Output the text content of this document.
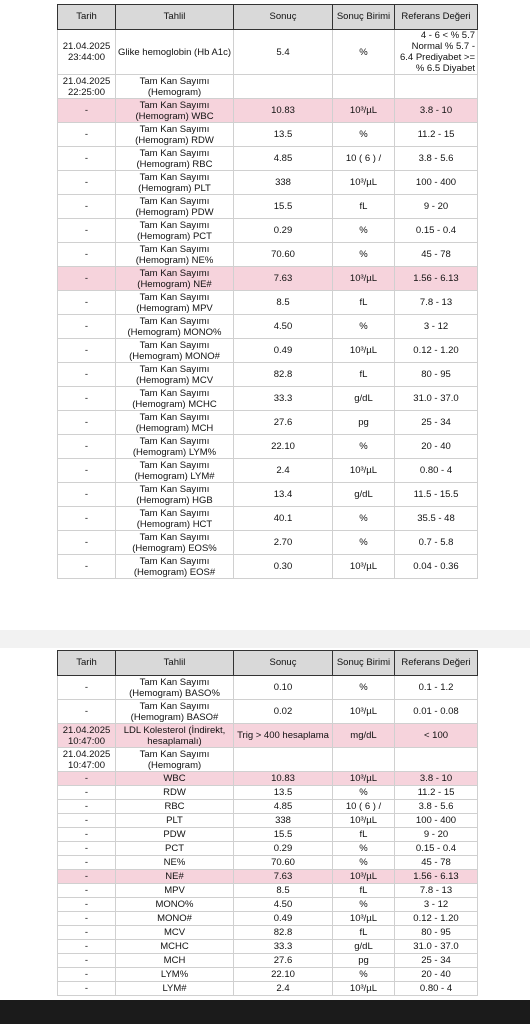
Tarih	Tahlil	Sonuç	Sonuç Birimi	Referans Değeri
21.04.2025 23:44:00	Glike hemoglobin (Hb A1c)	5.4	%	4 - 6 < % 5.7 Normal % 5.7 - 6.4 Prediyabet >= % 6.5 Diyabet
21.04.2025 22:25:00	Tam Kan Sayımı (Hemogram)			
-	Tam Kan Sayımı (Hemogram) WBC	10.83	10³/µL	3.8 - 10
-	Tam Kan Sayımı (Hemogram) RDW	13.5	%	11.2 - 15
-	Tam Kan Sayımı (Hemogram) RBC	4.85	10 ( 6 ) /	3.8 - 5.6
-	Tam Kan Sayımı (Hemogram) PLT	338	10³/µL	100 - 400
-	Tam Kan Sayımı (Hemogram) PDW	15.5	fL	9 - 20
-	Tam Kan Sayımı (Hemogram) PCT	0.29	%	0.15 - 0.4
-	Tam Kan Sayımı (Hemogram) NE%	70.60	%	45 - 78
-	Tam Kan Sayımı (Hemogram) NE#	7.63	10³/µL	1.56 - 6.13
-	Tam Kan Sayımı (Hemogram) MPV	8.5	fL	7.8 - 13
-	Tam Kan Sayımı (Hemogram) MONO%	4.50	%	3 - 12
-	Tam Kan Sayımı (Hemogram) MONO#	0.49	10³/µL	0.12 - 1.20
-	Tam Kan Sayımı (Hemogram) MCV	82.8	fL	80 - 95
-	Tam Kan Sayımı (Hemogram) MCHC	33.3	g/dL	31.0 - 37.0
-	Tam Kan Sayımı (Hemogram) MCH	27.6	pg	25 - 34
-	Tam Kan Sayımı (Hemogram) LYM%	22.10	%	20 - 40
-	Tam Kan Sayımı (Hemogram) LYM#	2.4	10³/µL	0.80 - 4
-	Tam Kan Sayımı (Hemogram) HGB	13.4	g/dL	11.5 - 15.5
-	Tam Kan Sayımı (Hemogram) HCT	40.1	%	35.5 - 48
-	Tam Kan Sayımı (Hemogram) EOS%	2.70	%	0.7 - 5.8
-	Tam Kan Sayımı (Hemogram) EOS#	0.30	10³/µL	0.04 - 0.36
Tarih	Tahlil	Sonuç	Sonuç Birimi	Referans Değeri
-	Tam Kan Sayımı (Hemogram) BASO%	0.10	%	0.1 - 1.2
-	Tam Kan Sayımı (Hemogram) BASO#	0.02	10³/µL	0.01 - 0.08
21.04.2025 10:47:00	LDL Kolesterol (İndirekt, hesaplamalı)	Trig > 400 hesaplama	mg/dL	< 100
21.04.2025 10:47:00	Tam Kan Sayımı (Hemogram)			
-	WBC	10.83	10³/µL	3.8 - 10
-	RDW	13.5	%	11.2 - 15
-	RBC	4.85	10 ( 6 ) /	3.8 - 5.6
-	PLT	338	10³/µL	100 - 400
-	PDW	15.5	fL	9 - 20
-	PCT	0.29	%	0.15 - 0.4
-	NE%	70.60	%	45 - 78
-	NE#	7.63	10³/µL	1.56 - 6.13
-	MPV	8.5	fL	7.8 - 13
-	MONO%	4.50	%	3 - 12
-	MONO#	0.49	10³/µL	0.12 - 1.20
-	MCV	82.8	fL	80 - 95
-	MCHC	33.3	g/dL	31.0 - 37.0
-	MCH	27.6	pg	25 - 34
-	LYM%	22.10	%	20 - 40
-	LYM#	2.4	10³/µL	0.80 - 4
